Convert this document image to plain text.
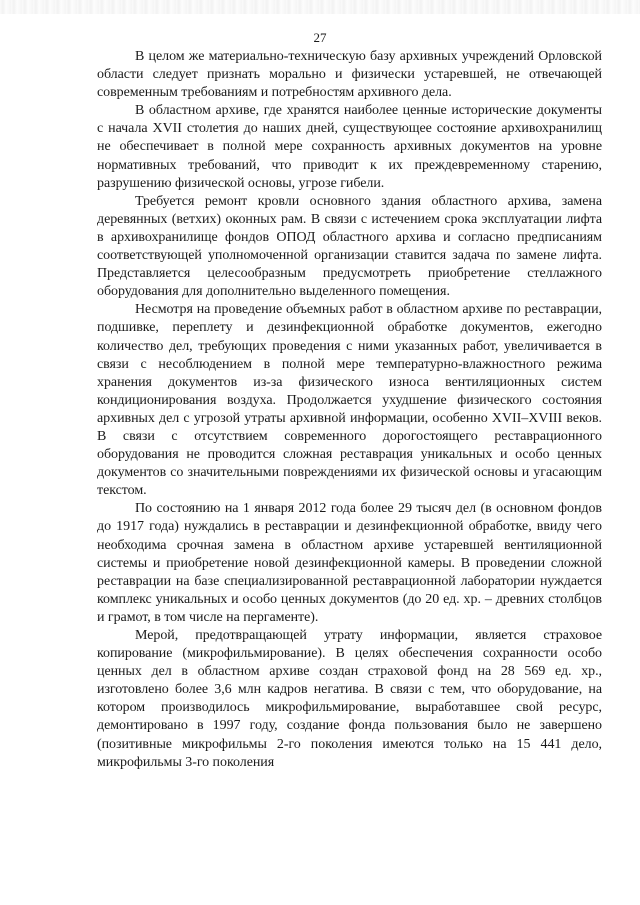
27

В целом же материально-техническую базу архивных учреждений Орловской области следует признать морально и физически устаревшей, не отвечающей современным требованиям и потребностям архивного дела.

В областном архиве, где хранятся наиболее ценные исторические документы с начала XVII столетия до наших дней, существующее состояние архивохранилищ не обеспечивает в полной мере сохранность архивных документов на уровне нормативных требований, что приводит к их преждевременному старению, разрушению физической основы, угрозе гибели.

Требуется ремонт кровли основного здания областного архива, замена деревянных (ветхих) оконных рам. В связи с истечением срока эксплуатации лифта в архивохранилище фондов ОПОД областного архива и согласно предписаниям соответствующей уполномоченной организации ставится задача по замене лифта. Представляется целесообразным предусмотреть приобретение стеллажного оборудования для дополнительно выделенного помещения.

Несмотря на проведение объемных работ в областном архиве по реставрации, подшивке, переплету и дезинфекционной обработке документов, ежегодно количество дел, требующих проведения с ними указанных работ, увеличивается в связи с несоблюдением в полной мере температурно-влажностного режима хранения документов из-за физического износа вентиляционных систем кондиционирования воздуха. Продолжается ухудшение физического состояния архивных дел с угрозой утраты архивной информации, особенно XVII–XVIII веков. В связи с отсутствием современного дорогостоящего реставрационного оборудования не проводится сложная реставрация уникальных и особо ценных документов со значительными повреждениями их физической основы и угасающим текстом.

По состоянию на 1 января 2012 года более 29 тысяч дел (в основном фондов до 1917 года) нуждались в реставрации и дезинфекционной обработке, ввиду чего необходима срочная замена в областном архиве устаревшей вентиляционной системы и приобретение новой дезинфекционной камеры. В проведении сложной реставрации на базе специализированной реставрационной лаборатории нуждается комплекс уникальных и особо ценных документов (до 20 ед. хр. – древних столбцов и грамот, в том числе на пергаменте).

Мерой, предотвращающей утрату информации, является страховое копирование (микрофильмирование). В целях обеспечения сохранности особо ценных дел в областном архиве создан страховой фонд на 28 569 ед. хр., изготовлено более 3,6 млн кадров негатива. В связи с тем, что оборудование, на котором производилось микрофильмирование, выработавшее свой ресурс, демонтировано в 1997 году, создание фонда пользования было не завершено (позитивные микрофильмы 2-го поколения имеются только на 15 441 дело, микрофильмы 3-го поколения
